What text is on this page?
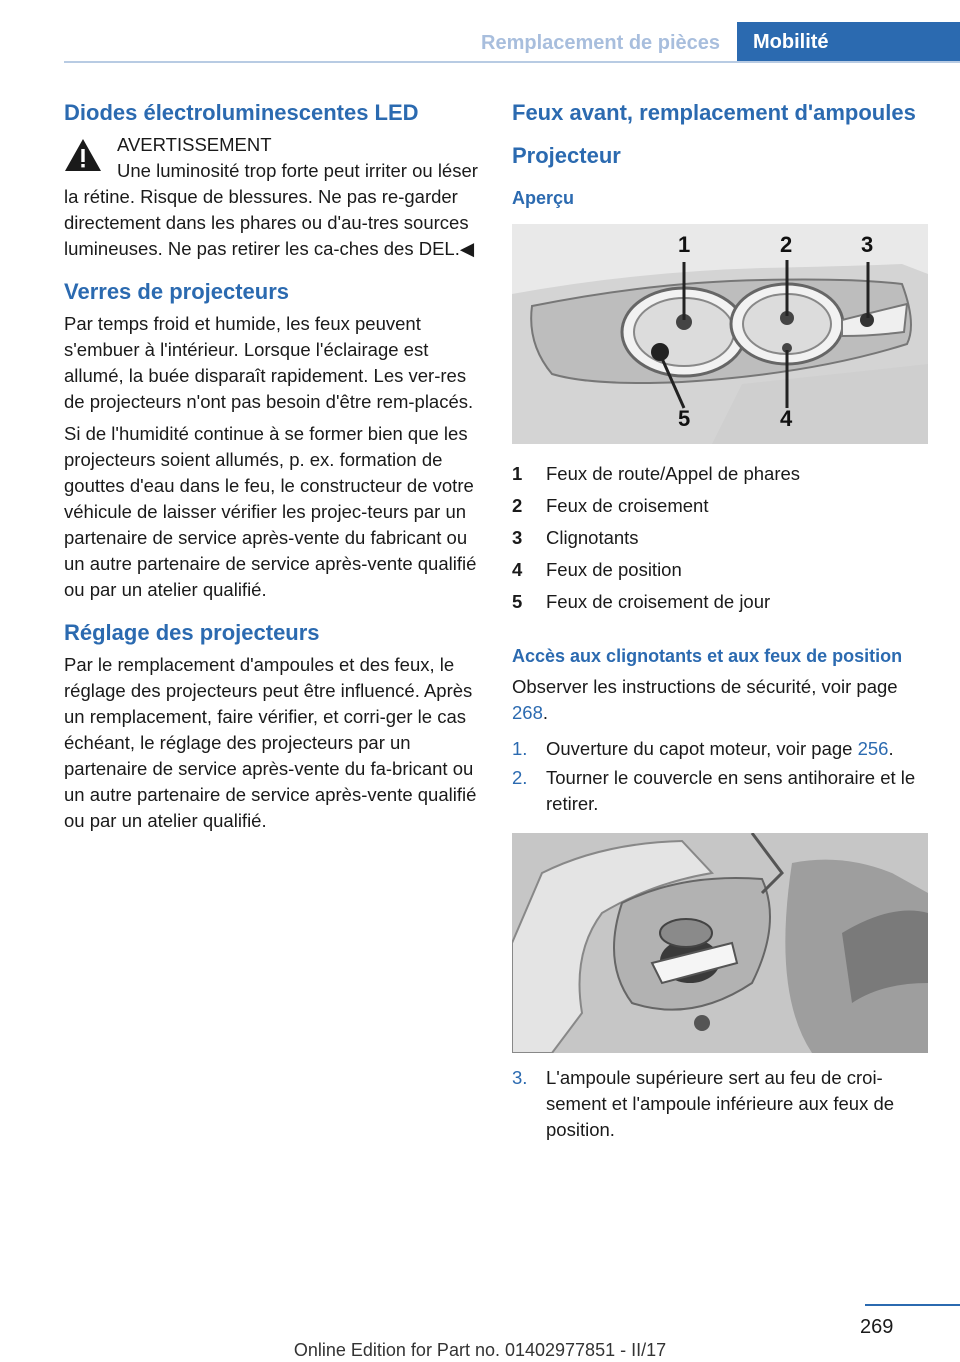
Remplacement de pièces	Mobilité
Diodes électroluminescentes LED
AVERTISSEMENT
Une luminosité trop forte peut irriter ou léser la rétine. Risque de blessures. Ne pas re‐garder directement dans les phares ou d'au‐tres sources lumineuses. Ne pas retirer les ca‐ches des DEL.◀
Verres de projecteurs

Par temps froid et humide, les feux peuvent s'embuer à l'intérieur. Lorsque l'éclairage est allumé, la buée disparaît rapidement. Les ver‐res de projecteurs n'ont pas besoin d'être rem‐placés.

Si de l'humidité continue à se former bien que les projecteurs soient allumés, p. ex. formation de gouttes d'eau dans le feu, le constructeur de votre véhicule de laisser vérifier les projec‐teurs par un partenaire de service après-vente du fabricant ou un autre partenaire de service après-vente qualifié ou par un atelier qualifié.

Réglage des projecteurs

Par le remplacement d'ampoules et des feux, le réglage des projecteurs peut être influencé. Après un remplacement, faire vérifier, et corri‐ger le cas échéant, le réglage des projecteurs par un partenaire de service après-vente du fa‐bricant ou un autre partenaire de service après-vente qualifié ou par un atelier qualifié.

Feux avant, remplacement d'ampoules
Projecteur
Aperçu
1	2	3
5	4
1	Feux de route/Appel de phares
2	Feux de croisement
3	Clignotants
4	Feux de position
5	Feux de croisement de jour
Accès aux clignotants et aux feux de position

Observer les instructions de sécurité, voir page 268.

1.	Ouverture du capot moteur, voir page 256.
2.	Tourner le couvercle en sens antihoraire et le retirer.
3.	L'ampoule supérieure sert au feu de croi‐sement et l'ampoule inférieure aux feux de position.
269
Online Edition for Part no. 01402977851 - II/17
